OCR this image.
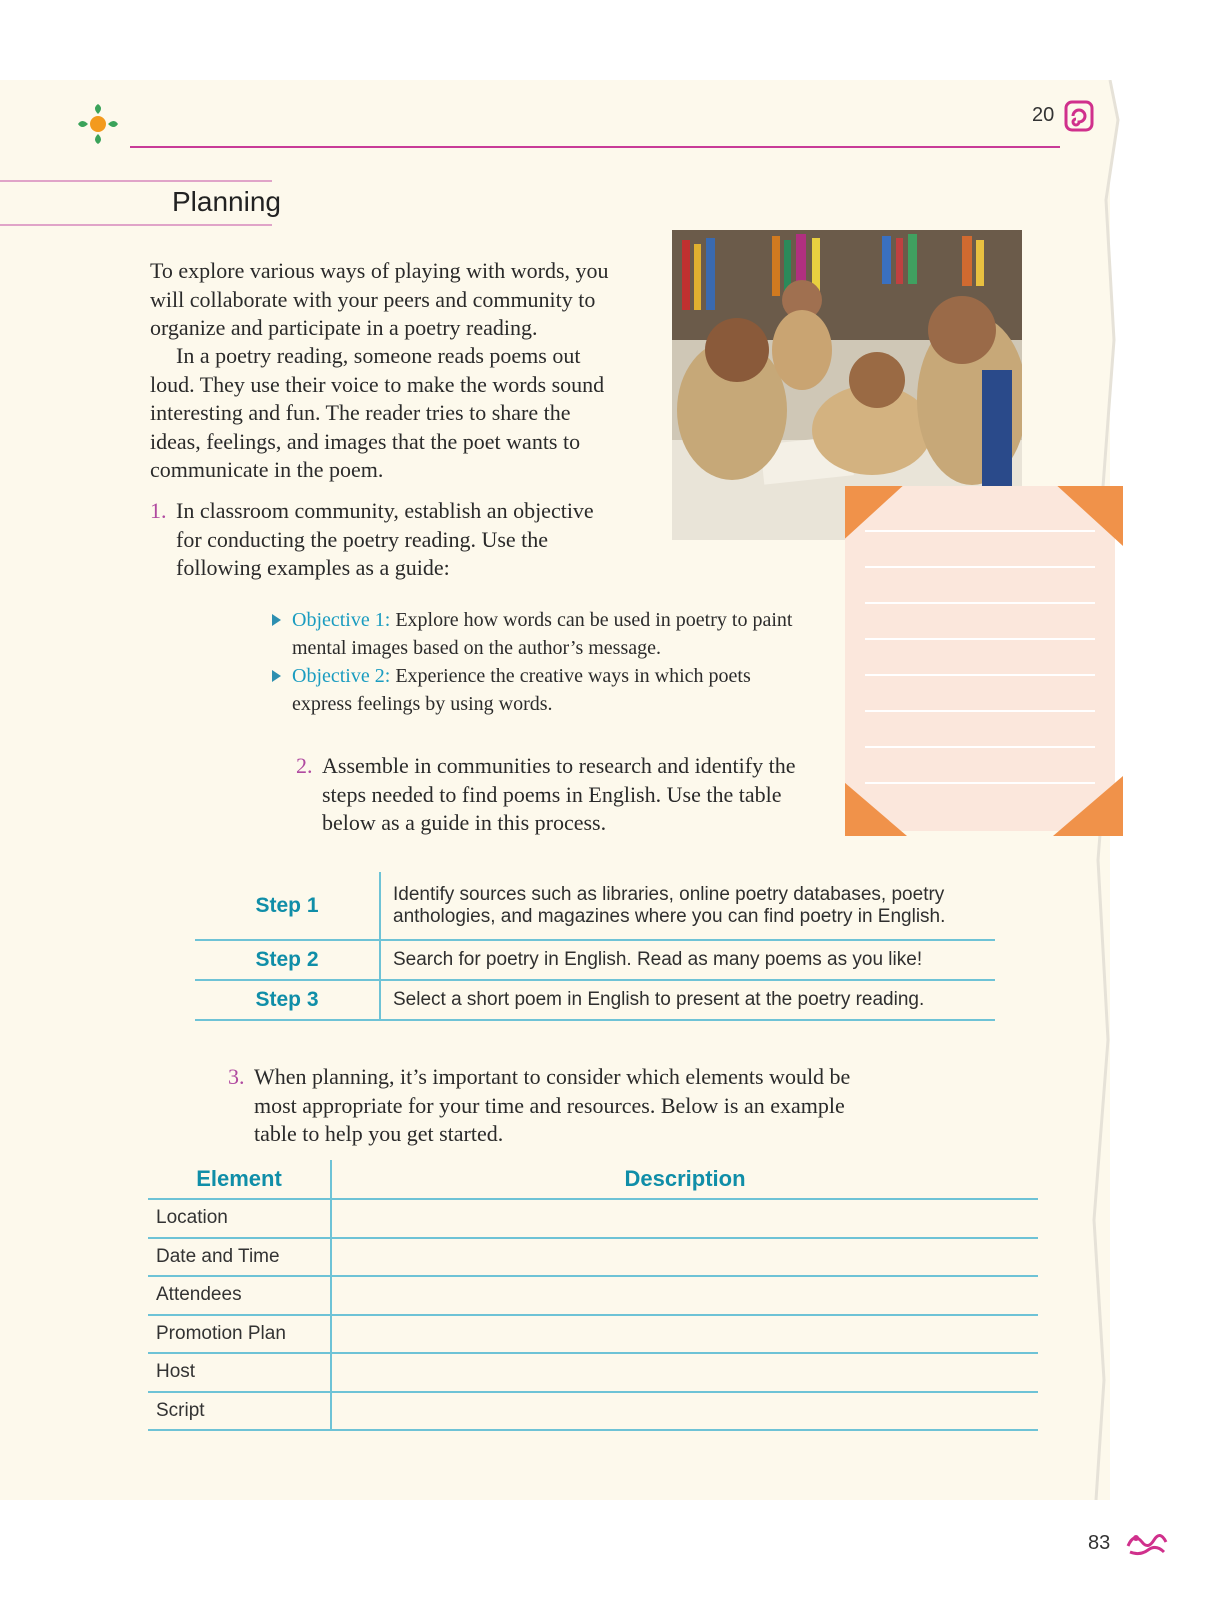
20
Planning

To explore various ways of playing with words, you will collaborate with your peers and community to organize and participate in a poetry reading.

In a poetry reading, someone reads poems out loud. They use their voice to make the words sound interesting and fun. The reader tries to share the ideas, feelings, and images that the poet wants to communicate in the poem.

1. In classroom community, establish an objective for conducting the poetry reading. Use the following examples as a guide:

Objective 1: Explore how words can be used in poetry to paint mental images based on the author’s message.
Objective 2: Experience the creative ways in which poets express feelings by using words.
2. Assemble in communities to research and identify the steps needed to find poems in English. Use the table below as a guide in this process.

Step 1	Identify sources such as libraries, online poetry databases, poetry anthologies, and magazines where you can find poetry in English.
Step 2	Search for poetry in English. Read as many poems as you like!
Step 3	Select a short poem in English to present at the poetry reading.
3. When planning, it’s important to consider which elements would be most appropriate for your time and resources. Below is an example table to help you get started.

Element	Description
Location	
Date and Time	
Attendees	
Promotion Plan	
Host	
Script	
83
